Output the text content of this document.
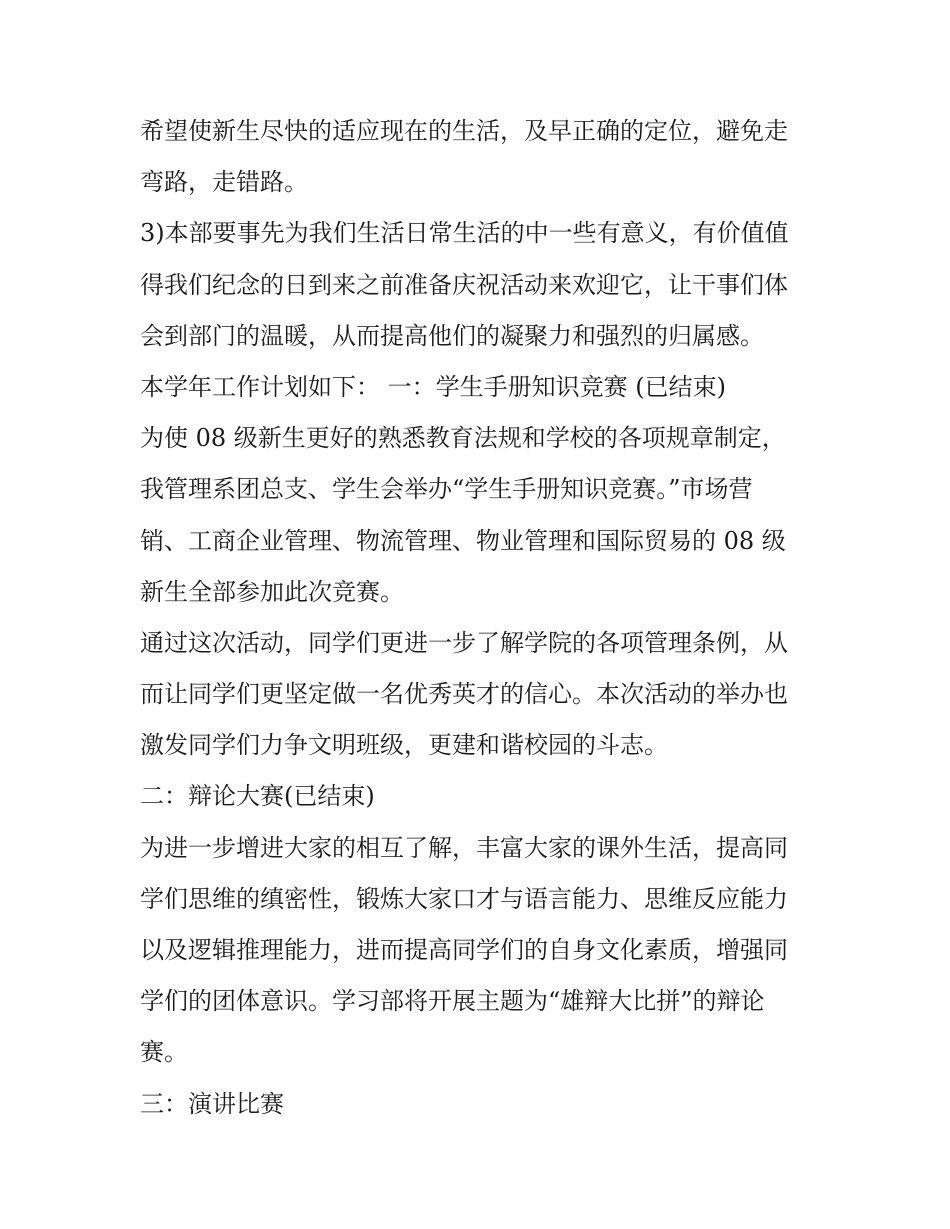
希望使新生尽快的适应现在的生活，及早正确的定位，避免走
弯路，走错路。
3)本部要事先为我们生活日常生活的中一些有意义，有价值值
得我们纪念的日到来之前准备庆祝活动来欢迎它，让干事们体
会到部门的温暖，从而提高他们的凝聚力和强烈的归属感。
本学年工作计划如下： 一：学生手册知识竞赛 (已结束)
为使 08 级新生更好的熟悉教育法规和学校的各项规章制定，
我管理系团总支、学生会举办“学生手册知识竞赛。”市场营
销、工商企业管理、物流管理、物业管理和国际贸易的 08 级
新生全部参加此次竞赛。
通过这次活动，同学们更进一步了解学院的各项管理条例，从
而让同学们更坚定做一名优秀英才的信心。本次活动的举办也
激发同学们力争文明班级，更建和谐校园的斗志。
二：辩论大赛(已结束)
为进一步增进大家的相互了解，丰富大家的课外生活，提高同
学们思维的缜密性，锻炼大家口才与语言能力、思维反应能力
以及逻辑推理能力，进而提高同学们的自身文化素质，增强同
学们的团体意识。学习部将开展主题为“雄辩大比拼”的辩论
赛。
三：演讲比赛
